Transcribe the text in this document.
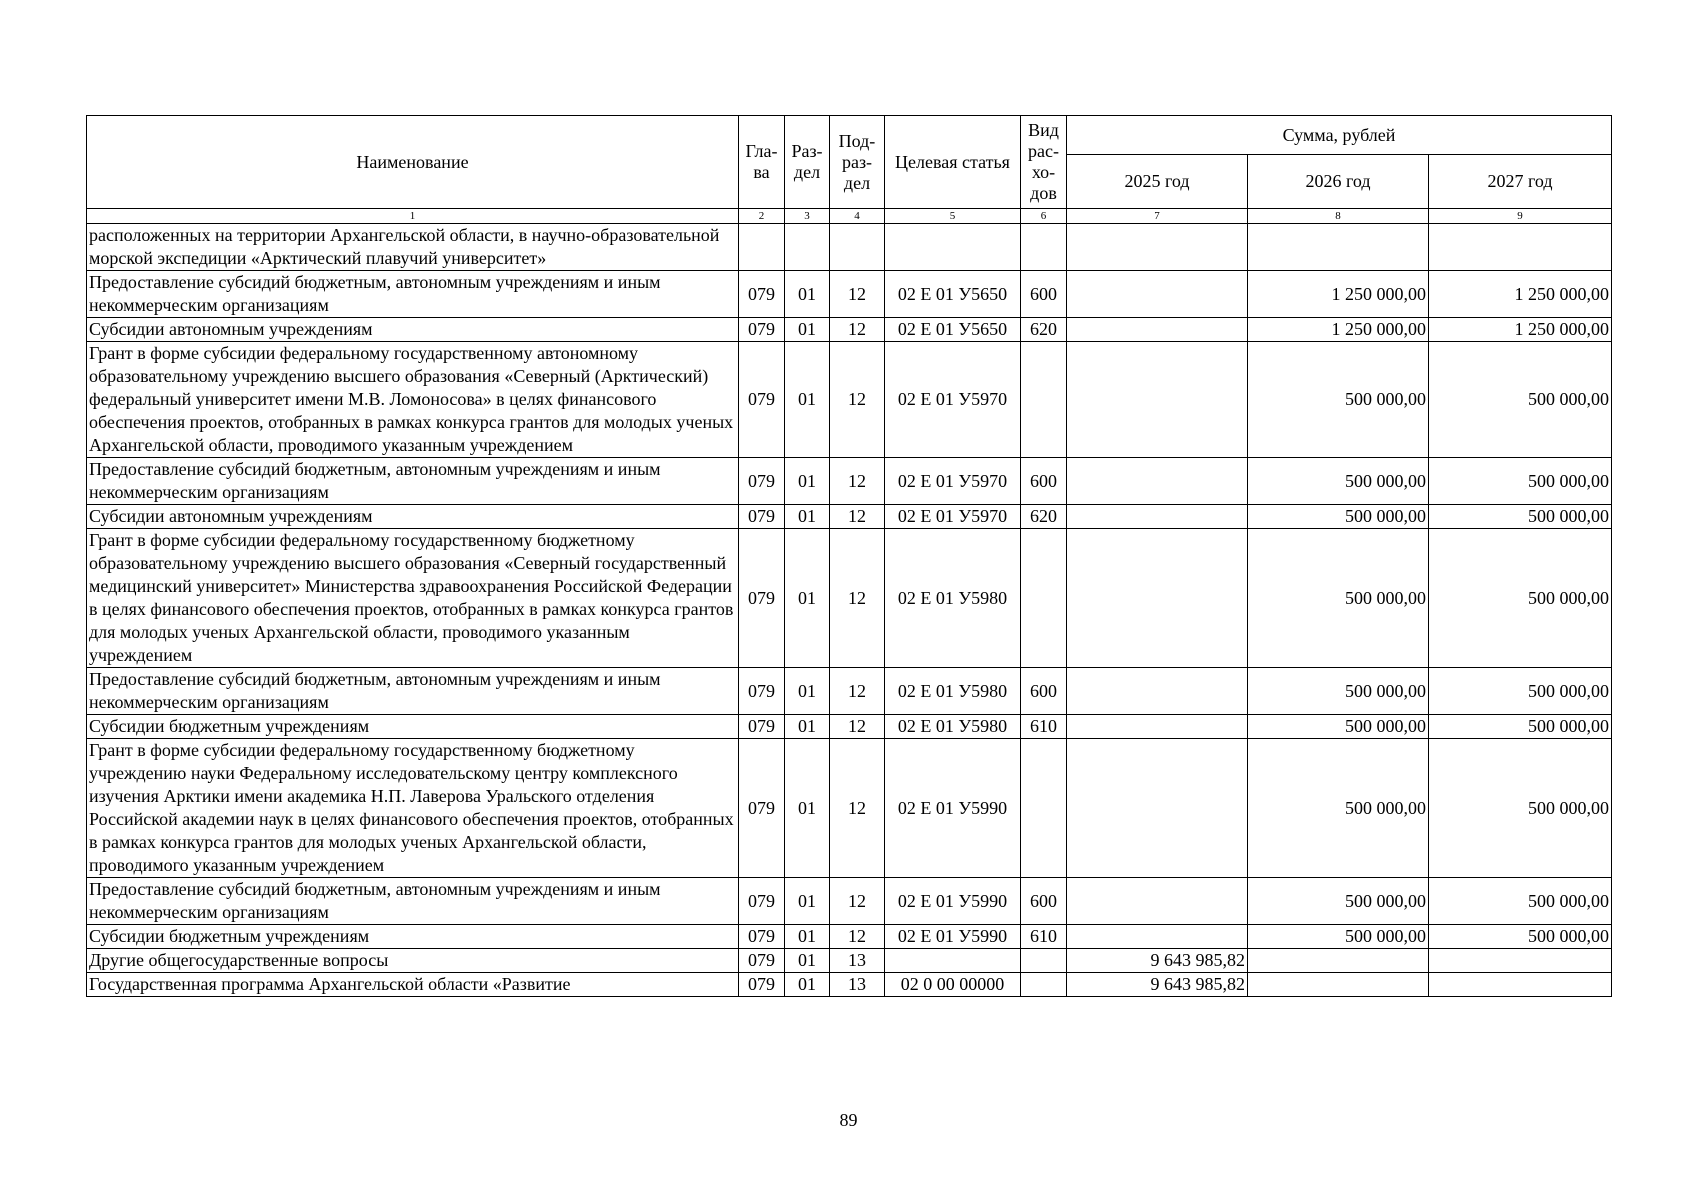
Наименование	Гла-ва	Раз-дел	Под-раз-дел	Целевая статья	Вид рас-хо-дов	Сумма, рублей		
						2025 год	2026 год	2027 год
1	2	3	4	5	6	7	8	9
расположенных на территории Архангельской области, в научно-образовательной морской экспедиции «Арктический плавучий университет»								
Предоставление субсидий бюджетным, автономным учреждениям и иным некоммерческим организациям	079	01	12	02 Е 01 У5650	600		1 250 000,00	1 250 000,00
Субсидии автономным учреждениям	079	01	12	02 Е 01 У5650	620		1 250 000,00	1 250 000,00
Грант в форме субсидии федеральному государственному автономному образовательному учреждению высшего образования «Северный (Арктический) федеральный университет имени М.В. Ломоносова» в целях финансового обеспечения проектов, отобранных в рамках конкурса грантов для молодых ученых Архангельской области, проводимого указанным учреждением	079	01	12	02 Е 01 У5970			500 000,00	500 000,00
Предоставление субсидий бюджетным, автономным учреждениям и иным некоммерческим организациям	079	01	12	02 Е 01 У5970	600		500 000,00	500 000,00
Субсидии автономным учреждениям	079	01	12	02 Е 01 У5970	620		500 000,00	500 000,00
Грант в форме субсидии федеральному государственному бюджетному образовательному учреждению высшего образования «Северный государственный медицинский университет» Министерства здравоохранения Российской Федерации в целях финансового обеспечения проектов, отобранных в рамках конкурса грантов для молодых ученых Архангельской области, проводимого указанным учреждением	079	01	12	02 Е 01 У5980			500 000,00	500 000,00
Предоставление субсидий бюджетным, автономным учреждениям и иным некоммерческим организациям	079	01	12	02 Е 01 У5980	600		500 000,00	500 000,00
Субсидии бюджетным учреждениям	079	01	12	02 Е 01 У5980	610		500 000,00	500 000,00
Грант в форме субсидии федеральному государственному бюджетному учреждению науки Федеральному исследовательскому центру комплексного изучения Арктики имени академика Н.П. Лаверова Уральского отделения Российской академии наук в целях финансового обеспечения проектов, отобранных в рамках конкурса грантов для молодых ученых Архангельской области, проводимого указанным учреждением	079	01	12	02 Е 01 У5990			500 000,00	500 000,00
Предоставление субсидий бюджетным, автономным учреждениям и иным некоммерческим организациям	079	01	12	02 Е 01 У5990	600		500 000,00	500 000,00
Субсидии бюджетным учреждениям	079	01	12	02 Е 01 У5990	610		500 000,00	500 000,00
Другие общегосударственные вопросы	079	01	13			9 643 985,82		
Государственная программа Архангельской области «Развитие	079	01	13	02 0 00 00000		9 643 985,82		
89
